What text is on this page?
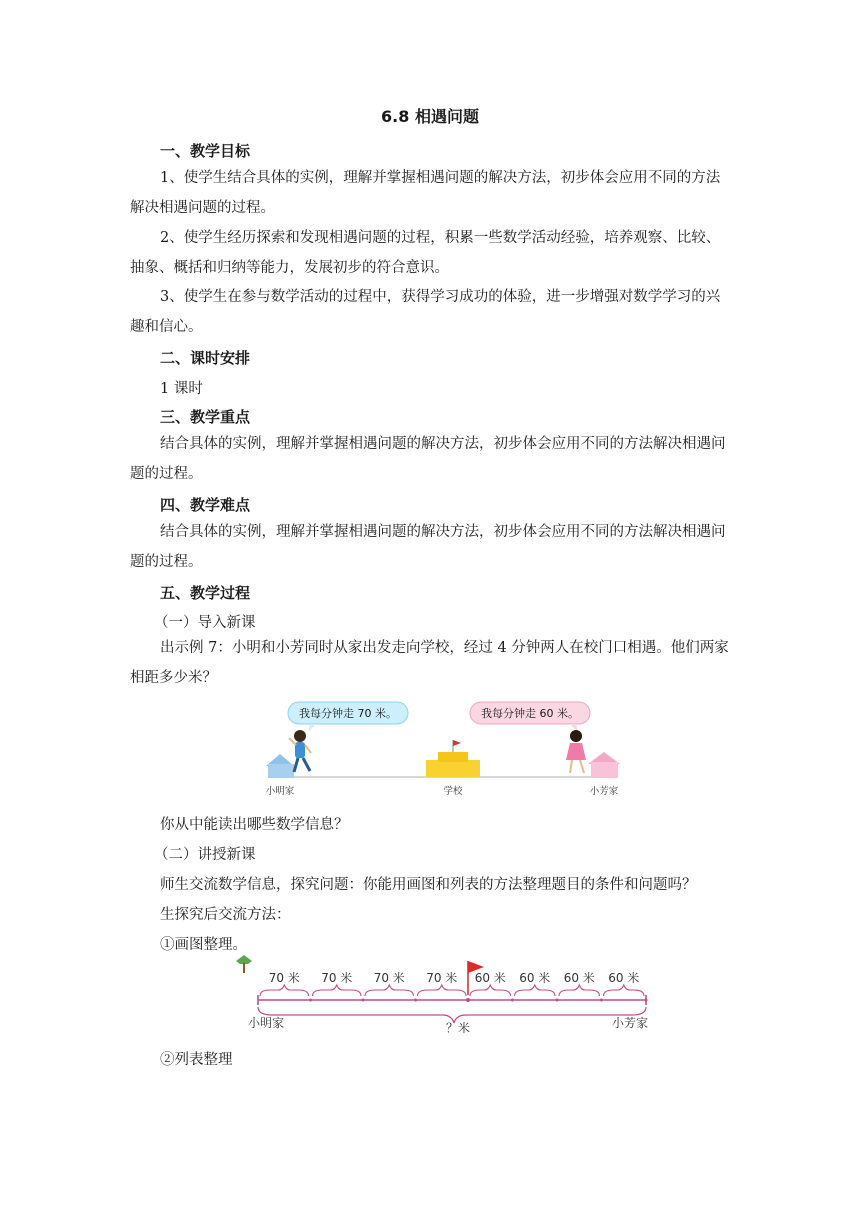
6.8 相遇问题
一、教学目标
1、使学生结合具体的实例，理解并掌握相遇问题的解决方法，初步体会应用不同的方法解决相遇问题的过程。
2、使学生经历探索和发现相遇问题的过程，积累一些数学活动经验，培养观察、比较、抽象、概括和归纳等能力，发展初步的符合意识。
3、使学生在参与数学活动的过程中，获得学习成功的体验，进一步增强对数学学习的兴趣和信心。
二、课时安排
1 课时
三、教学重点
结合具体的实例，理解并掌握相遇问题的解决方法，初步体会应用不同的方法解决相遇问题的过程。
四、教学难点
结合具体的实例，理解并掌握相遇问题的解决方法，初步体会应用不同的方法解决相遇问题的过程。
五、教学过程
（一）导入新课
出示例 7：小明和小芳同时从家出发走向学校，经过 4 分钟两人在校门口相遇。他们两家相距多少米？
我每分钟走 70 米。	我每分钟走 60 米。
小明家	学校	小芳家
你从中能读出哪些数学信息？
（二）讲授新课
师生交流数学信息，探究问题：你能用画图和列表的方法整理题目的条件和问题吗？
生探究后交流方法：
①画图整理。
70 米 70 米 70 米 70 米 60 米 60 米 60 米 60 米
小明家	？米	小芳家
②列表整理
